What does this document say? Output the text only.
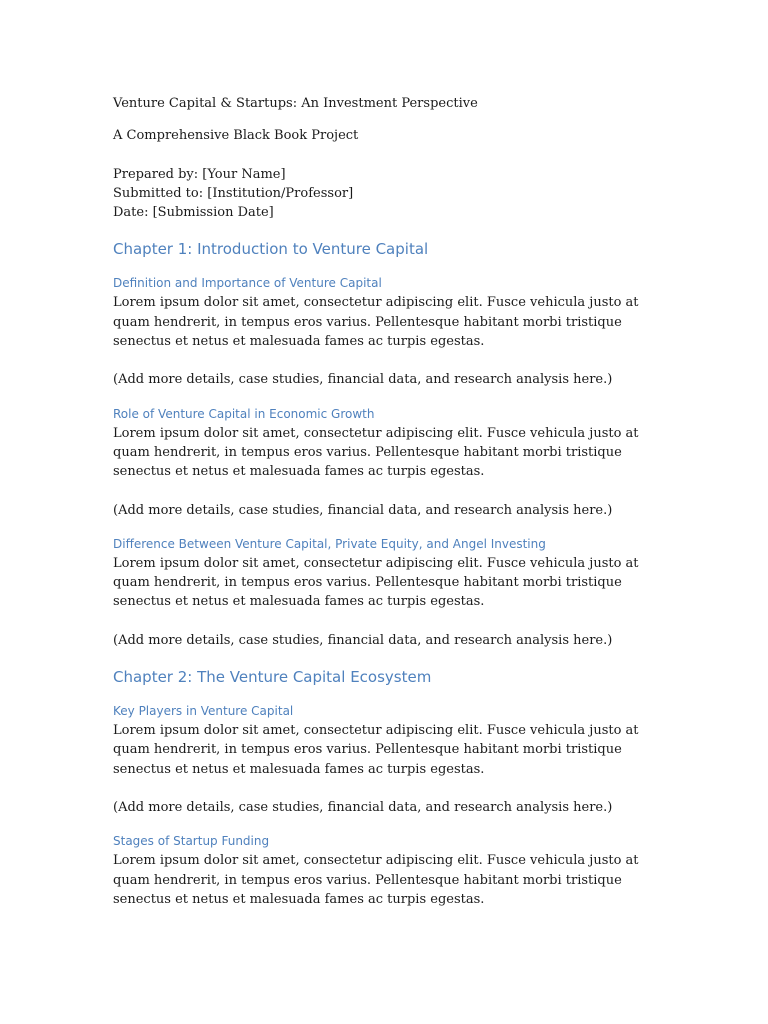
Venture Capital & Startups: An Investment Perspective

A Comprehensive Black Book Project

Prepared by: [Your Name]

Submitted to: [Institution/Professor]

Date: [Submission Date]

Chapter 1: Introduction to Venture Capital
Definition and Importance of Venture Capital

Lorem ipsum dolor sit amet, consectetur adipiscing elit. Fusce vehicula justo at quam hendrerit, in tempus eros varius. Pellentesque habitant morbi tristique senectus et netus et malesuada fames ac turpis egestas.

(Add more details, case studies, financial data, and research analysis here.)

Role of Venture Capital in Economic Growth

Lorem ipsum dolor sit amet, consectetur adipiscing elit. Fusce vehicula justo at quam hendrerit, in tempus eros varius. Pellentesque habitant morbi tristique senectus et netus et malesuada fames ac turpis egestas.

(Add more details, case studies, financial data, and research analysis here.)

Difference Between Venture Capital, Private Equity, and Angel Investing

Lorem ipsum dolor sit amet, consectetur adipiscing elit. Fusce vehicula justo at quam hendrerit, in tempus eros varius. Pellentesque habitant morbi tristique senectus et netus et malesuada fames ac turpis egestas.

(Add more details, case studies, financial data, and research analysis here.)

Chapter 2: The Venture Capital Ecosystem
Key Players in Venture Capital

Lorem ipsum dolor sit amet, consectetur adipiscing elit. Fusce vehicula justo at quam hendrerit, in tempus eros varius. Pellentesque habitant morbi tristique senectus et netus et malesuada fames ac turpis egestas.

(Add more details, case studies, financial data, and research analysis here.)

Stages of Startup Funding

Lorem ipsum dolor sit amet, consectetur adipiscing elit. Fusce vehicula justo at quam hendrerit, in tempus eros varius. Pellentesque habitant morbi tristique senectus et netus et malesuada fames ac turpis egestas.
